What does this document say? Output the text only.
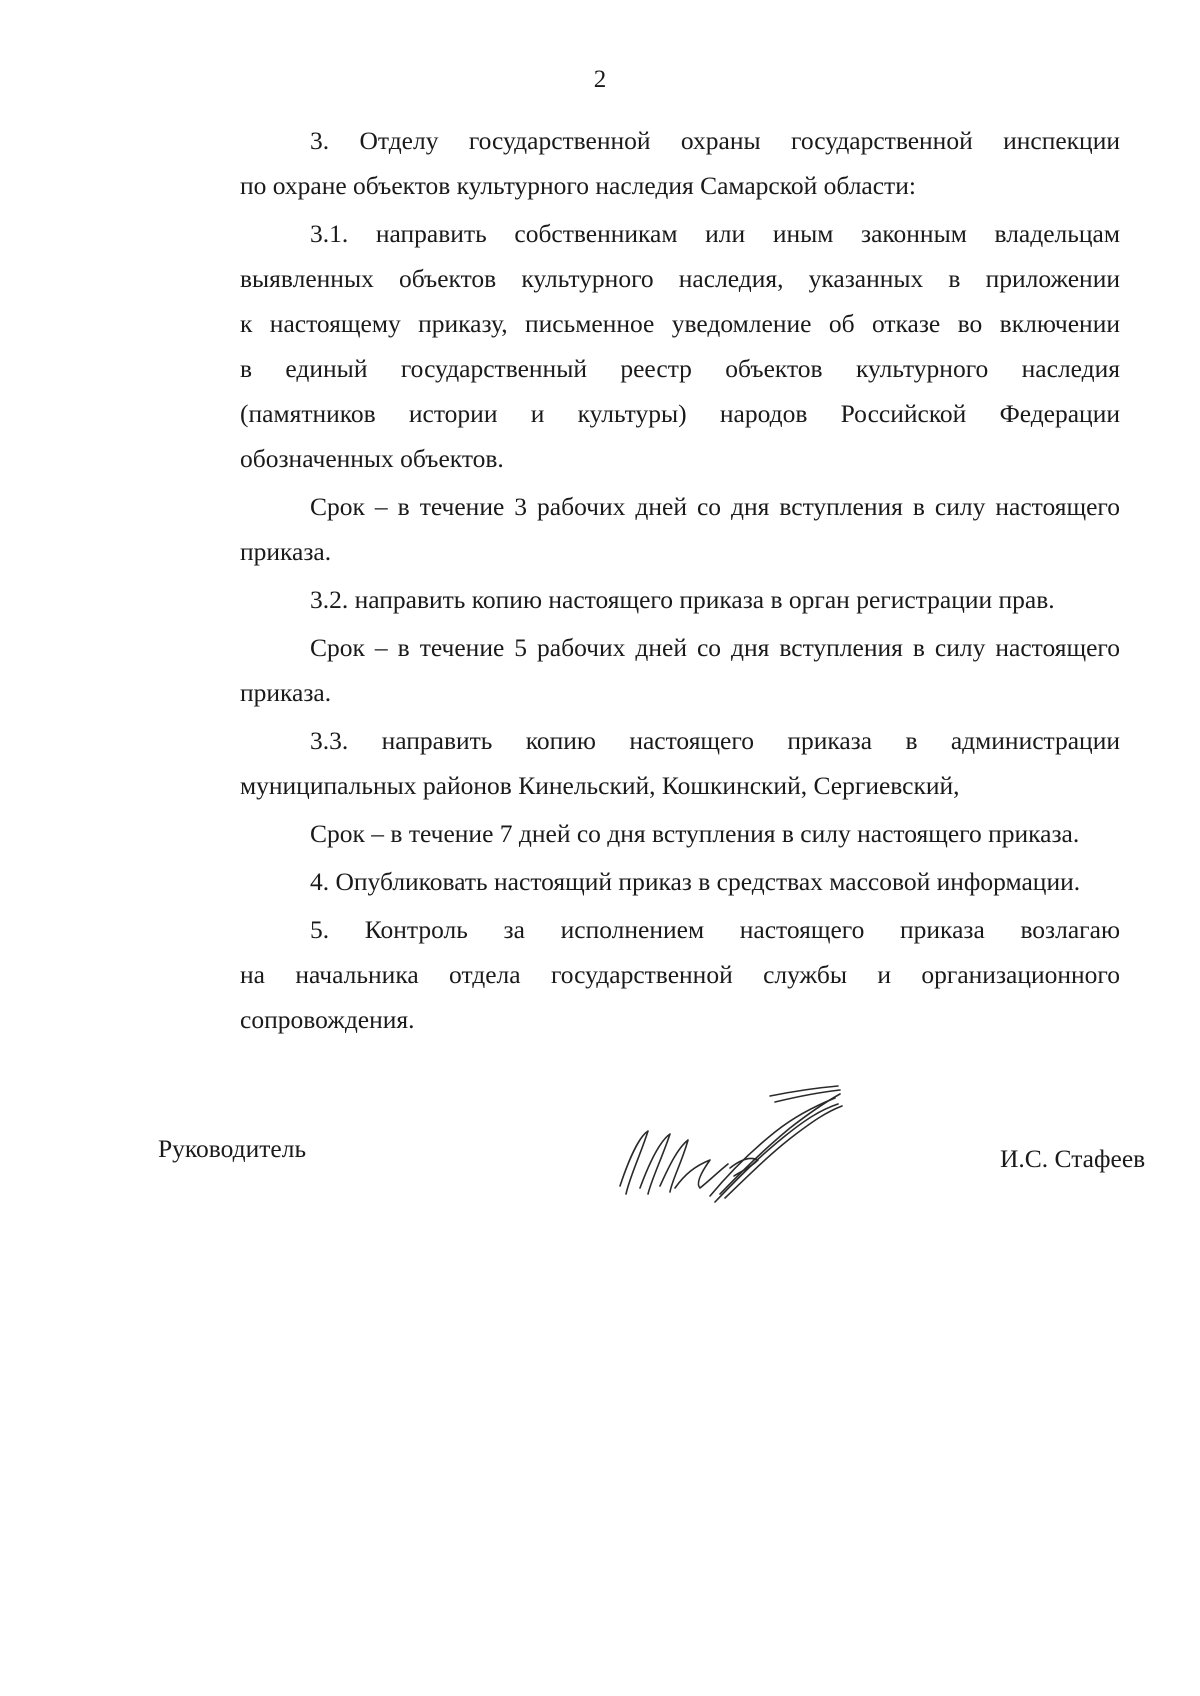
2
3. Отделу государственной охраны государственной инспекции
по охране объектов культурного наследия Самарской области:
3.1. направить собственникам или иным законным владельцам
выявленных объектов культурного наследия, указанных в приложении
к настоящему приказу, письменное уведомление об отказе во включении
в единый государственный реестр объектов культурного наследия
(памятников истории и культуры) народов Российской Федерации
обозначенных объектов.
Срок – в течение 3 рабочих дней со дня вступления в силу настоящего
приказа.
3.2. направить копию настоящего приказа в орган регистрации прав.
Срок – в течение 5 рабочих дней со дня вступления в силу настоящего
приказа.
3.3. направить копию настоящего приказа в администрации
муниципальных районов Кинельский, Кошкинский, Сергиевский,
Срок – в течение 7 дней со дня вступления в силу настоящего приказа.
4. Опубликовать настоящий приказ в средствах массовой информации.
5. Контроль за исполнением настоящего приказа возлагаю
на начальника отдела государственной службы и организационного
сопровождения.
Руководитель	И.С. Стафеев
